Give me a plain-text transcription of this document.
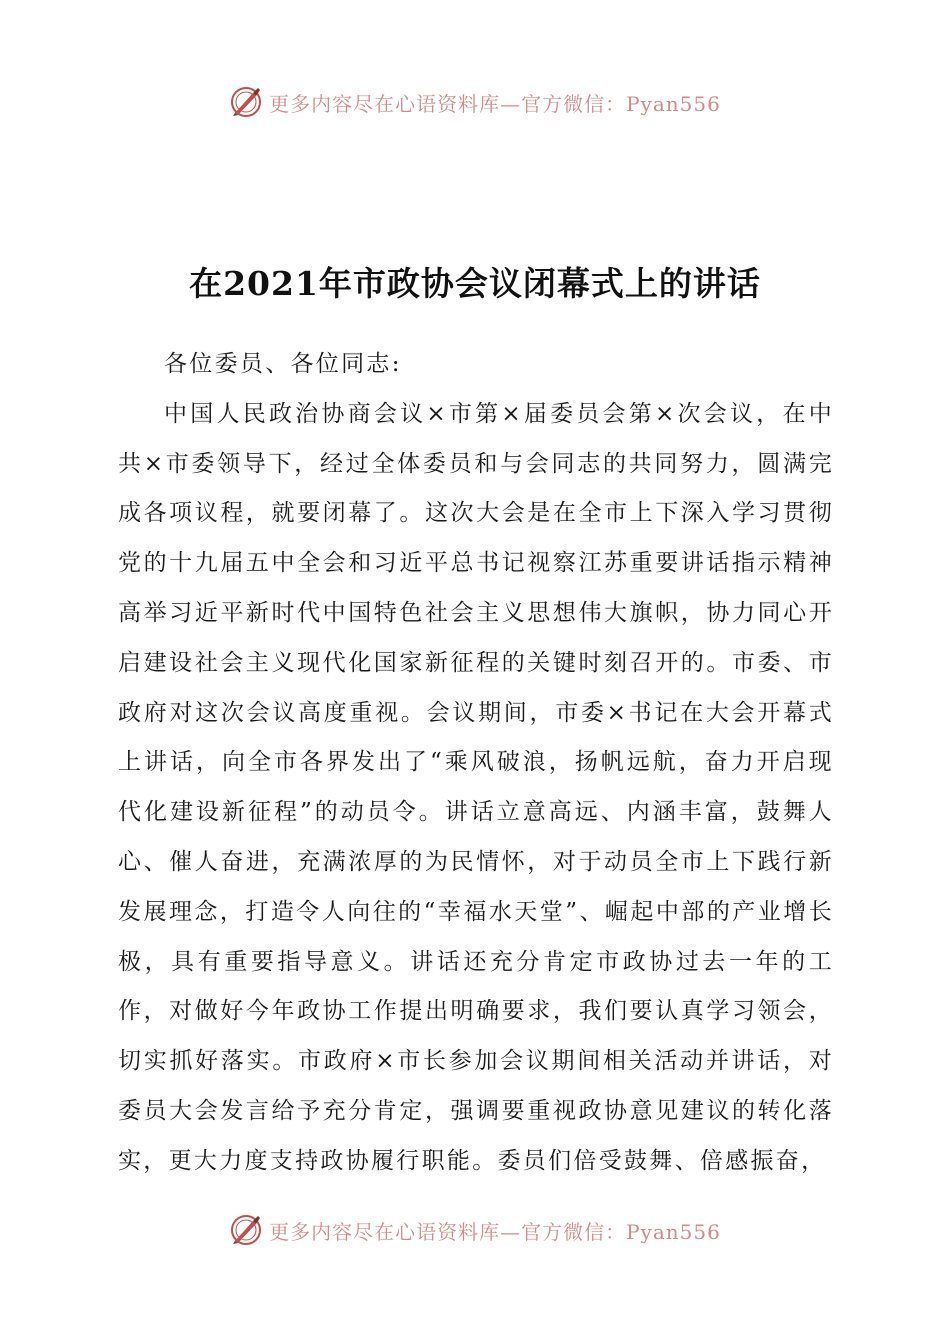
更多内容尽在心语资料库—官方微信：Pyan556
在2021年市政协会议闭幕式上的讲话

各位委员、各位同志:

中国人民政治协商会议×市第×届委员会第×次会议，在中共×市委领导下，经过全体委员和与会同志的共同努力，圆满完成各项议程，就要闭幕了。这次大会是在全市上下深入学习贯彻党的十九届五中全会和习近平总书记视察江苏重要讲话指示精神高举习近平新时代中国特色社会主义思想伟大旗帜，协力同心开启建设社会主义现代化国家新征程的关键时刻召开的。市委、市政府对这次会议高度重视。会议期间，市委×书记在大会开幕式上讲话，向全市各界发出了“乘风破浪，扬帆远航，奋力开启现代化建设新征程”的动员令。讲话立意高远、内涵丰富，鼓舞人心、催人奋进，充满浓厚的为民情怀，对于动员全市上下践行新发展理念，打造令人向往的“幸福水天堂”、崛起中部的产业增长极，具有重要指导意义。讲话还充分肯定市政协过去一年的工作，对做好今年政协工作提出明确要求，我们要认真学习领会，切实抓好落实。市政府×市长参加会议期间相关活动并讲话，对委员大会发言给予充分肯定，强调要重视政协意见建议的转化落实，更大力度支持政协履行职能。委员们倍受鼓舞、倍感振奋，

更多内容尽在心语资料库—官方微信：Pyan556
